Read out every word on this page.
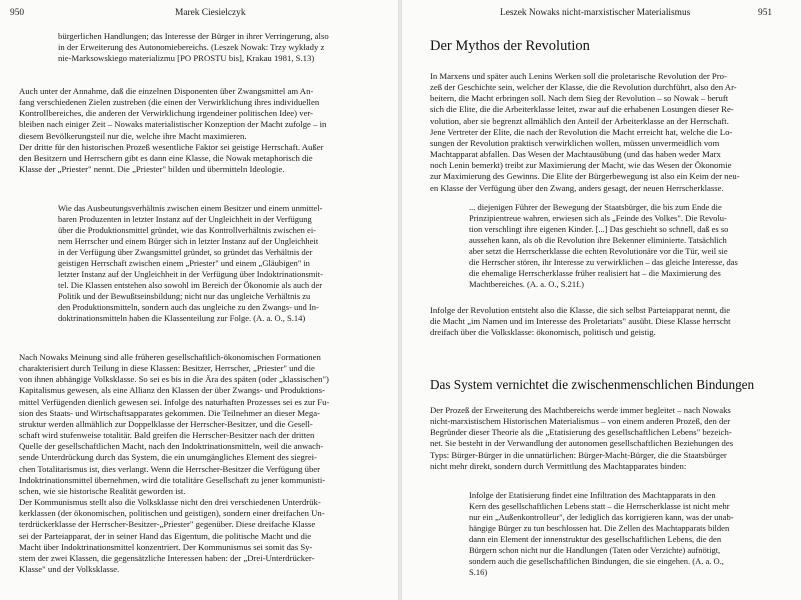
950	Marek Ciesielczyk
bürgerlichen Handlungen; das Interesse der Bürger in ihrer Verringerung, also
in der Erweiterung des Autonomiebereichs. (Leszek Nowak: Trzy wykłady z
nie-Marksowskiego materializmu [PO PROSTU bis], Krakau 1981, S.13)
Auch unter der Annahme, daß die einzelnen Disponenten über Zwangsmittel am An-
fang verschiedenen Zielen zustreben (die einen der Verwirklichung ihres individuellen
Kontrollbereiches, die anderen der Verwirklichung irgendeiner politischen Idee) ver-
bleiben nach einiger Zeit – Nowaks materialistischer Konzeption der Macht zufolge – in
diesem Bevölkerungsteil nur die, welche ihre Macht maximieren.
Der dritte für den historischen Prozeß wesentliche Faktor sei geistige Herrschaft. Außer
den Besitzern und Herrschern gibt es dann eine Klasse, die Nowak metaphorisch die
Klasse der „Priester" nennt. Die „Priester" bilden und übermitteln Ideologie.
Wie das Ausbeutungsverhältnis zwischen einem Besitzer und einem unmittel-
baren Produzenten in letzter Instanz auf der Ungleichheit in der Verfügung
über die Produktionsmittel gründet, wie das Kontrollverhältnis zwischen ei-
nem Herrscher und einem Bürger sich in letzter Instanz auf der Ungleichheit
in der Verfügung über Zwangsmittel gründet, so gründet das Verhältnis der
geistigen Herrschaft zwischen einem „Priester" und einem „Gläubigen" in
letzter Instanz auf der Ungleichheit in der Verfügung über Indoktrinationsmit-
tel. Die Klassen entstehen also sowohl im Bereich der Ökonomie als auch der
Politik und der Bewußtseinsbildung; nicht nur das ungleiche Verhältnis zu
den Produktionsmitteln, sondern auch das ungleiche zu den Zwangs- und In-
doktrinationsmitteln haben die Klassenteilung zur Folge. (A. a. O., S.14)
Nach Nowaks Meinung sind alle früheren gesellschaftlich-ökonomischen Formationen
charakterisiert durch Teilung in diese Klassen: Besitzer, Herrscher, „Priester" und die
von ihnen abhängige Volksklasse. So sei es bis in die Ära des späten (oder „klassischen")
Kapitalismus gewesen, als eine Allianz den Klassen der über Zwangs- und Produktions-
mittel Verfügenden dienlich gewesen sei. Infolge des naturhaften Prozesses sei es zur Fu-
sion des Staats- und Wirtschaftsapparates gekommen. Die Teilnehmer an dieser Mega-
struktur werden allmählich zur Doppelklasse der Herrscher-Besitzer, und die Gesell-
schaft wird stufenweise totalitär. Bald greifen die Herrscher-Besitzer nach der dritten
Quelle der gesellschaftlichen Macht, nach den Indoktrinationsmitteln, weil die anwach-
sende Unterdrückung durch das System, die ein unumgängliches Element des siegrei-
chen Totalitarismus ist, dies verlangt. Wenn die Herrscher-Besitzer die Verfügung über
Indoktrinationsmittel übernehmen, wird die totalitäre Gesellschaft zu jener kommunisti-
schen, wie sie historische Realität geworden ist.
Der Kommunismus stellt also die Volksklasse nicht den drei verschiedenen Unterdrük-
kerklassen (der ökonomischen, politischen und geistigen), sondern einer dreifachen Un-
terdrückerklasse der Herrscher-Besitzer-„Priester" gegenüber. Diese dreifache Klasse
sei der Parteiapparat, der in seiner Hand das Eigentum, die politische Macht und die
Macht über Indoktrinationsmittel konzentriert. Der Kommunismus sei somit das Sy-
stem der zwei Klassen, die gegensätzliche Interessen haben: der „Drei-Unterdrücker-
Klasse" und der Volksklasse.
Leszek Nowaks nicht-marxistischer Materialismus	951
Der Mythos der Revolution
In Marxens und später auch Lenins Werken soll die proletarische Revolution der Pro-
zeß der Geschichte sein, welcher der Klasse, die die Revolution durchführt, also den Ar-
beitern, die Macht erbringen soll. Nach dem Sieg der Revolution – so Nowak – beruft
sich die Elite, die die Arbeiterklasse leitet, zwar auf die erhabenen Losungen dieser Re-
volution, aber sie begrenzt allmählich den Anteil der Arbeiterklasse an der Herrschaft.
Jene Vertreter der Elite, die nach der Revolution die Macht erreicht hat, welche die Lo-
sungen der Revolution praktisch verwirklichen wollen, müssen unvermeidlich vom
Machtapparat abfallen. Das Wesen der Machtausübung (und das haben weder Marx
noch Lenin bemerkt) treibt zur Maximierung der Macht, wie das Wesen der Ökonomie
zur Maximierung des Gewinns. Die Elite der Bürgerbewegung ist also ein Keim der neu-
en Klasse der Verfügung über den Zwang, anders gesagt, der neuen Herrscherklasse.
... diejenigen Führer der Bewegung der Staatsbürger, die bis zum Ende die
Prinzipientreue wahren, erwiesen sich als „Feinde des Volkes". Die Revolu-
tion verschlingt ihre eigenen Kinder. [...] Das geschieht so schnell, daß es so
aussehen kann, als ob die Revolution ihre Bekenner eliminierte. Tatsächlich
aber setzt die Herrscherklasse die echten Revolutionäre vor die Tür, weil sie
die Herrscher stören, ihr Interesse zu verwirklichen – das gleiche Interesse, das
die ehemalige Herrscherklasse früher realisiert hat – die Maximierung des
Machtbereiches. (A. a. O., S.21f.)
Infolge der Revolution entsteht also die Klasse, die sich selbst Parteiapparat nennt, die
die Macht „im Namen und im Interesse des Proletariats" ausübt. Diese Klasse herrscht
dreifach über die Volksklasse: ökonomisch, politisch und geistig.
Das System vernichtet die zwischenmenschlichen Bindungen
Der Prozeß der Erweiterung des Machtbereichs werde immer begleitet – nach Nowaks
nicht-marxistischem Historischen Materialismus – von einem anderen Prozeß, den der
Begründer dieser Theorie als die „Etatisierung des gesellschaftlichen Lebens" bezeich-
net. Sie besteht in der Verwandlung der autonomen gesellschaftlichen Beziehungen des
Typs: Bürger-Bürger in die unnatürlichen: Bürger-Macht-Bürger, die die Staatsbürger
nicht mehr direkt, sondern durch Vermittlung des Machtapparates binden:
Infolge der Etatisierung findet eine Infiltration des Machtapparats in den
Kern des gesellschaftlichen Lebens statt – die Herrscherklasse ist nicht mehr
nur ein „Außenkontrolleur", der lediglich das korrigieren kann, was der unab-
hängige Bürger zu tun beschlossen hat. Die Zellen des Machtapparats bilden
dann ein Element der innenstruktur des gesellschaftlichen Lebens, die den
Bürgern schon nicht nur die Handlungen (Taten oder Verzichte) aufnötigt,
sondern auch die gesellschaftlichen Bindungen, die sie eingehen. (A. a. O.,
S.16)
